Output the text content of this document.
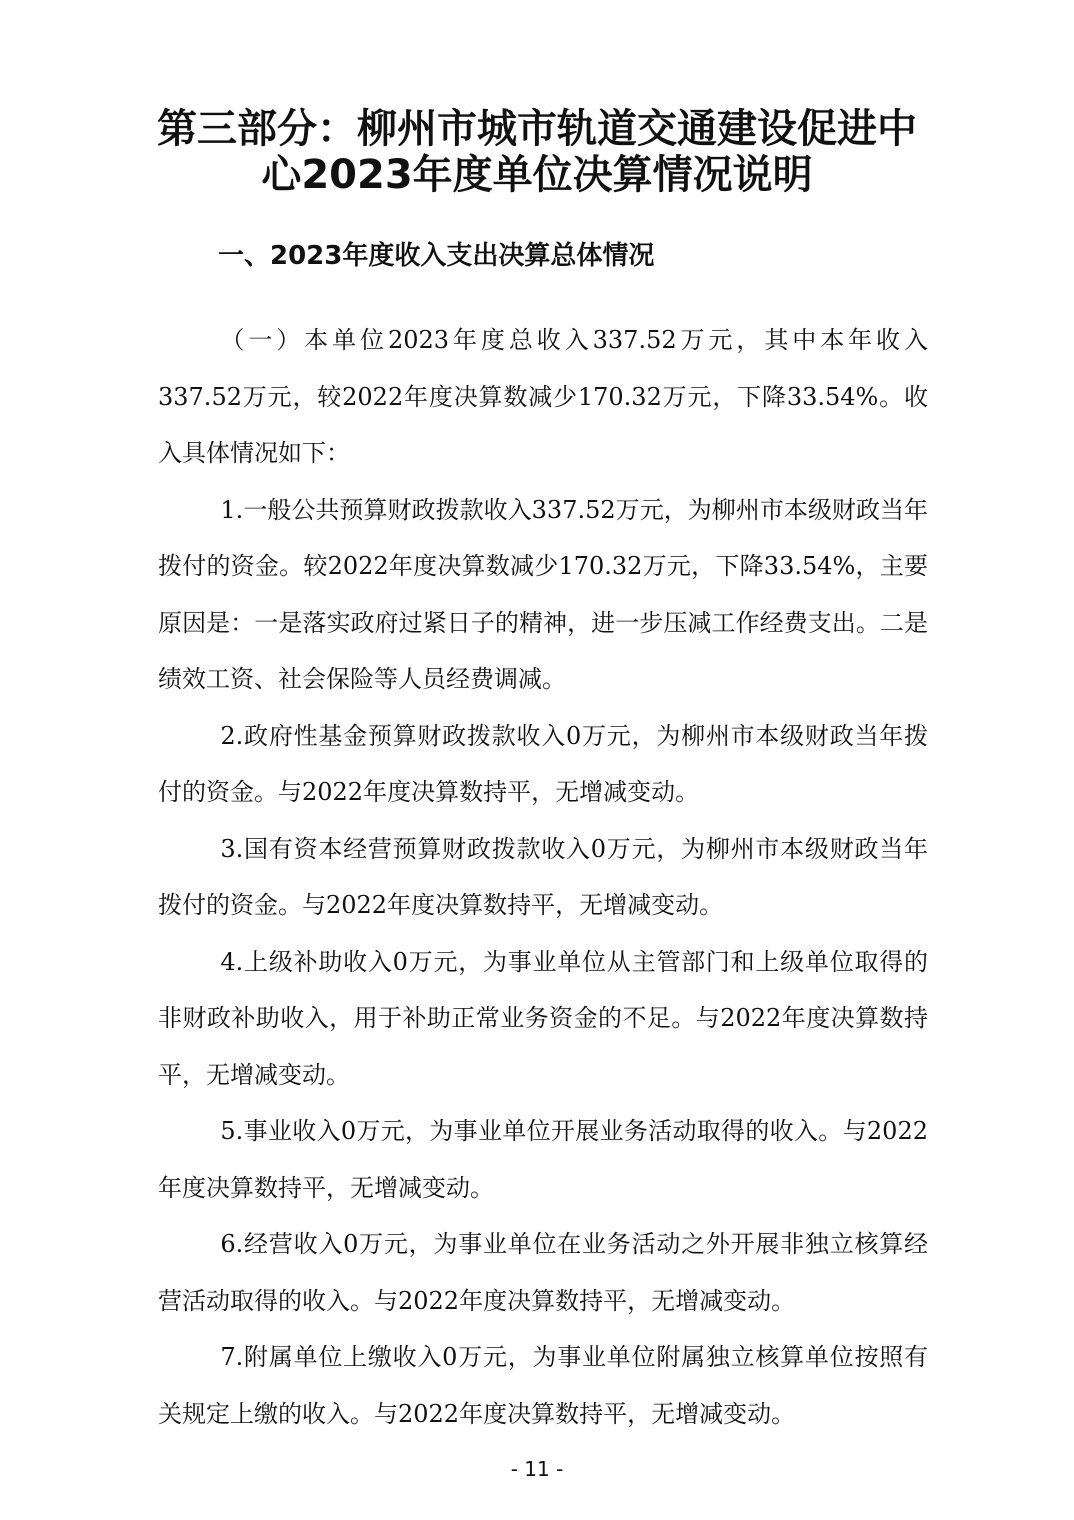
第三部分：柳州市城市轨道交通建设促进中
心2023年度单位决算情况说明
一、2023年度收入支出决算总体情况

（一）本单位2023年度总收入337.52万元，其中本年收入337.52万元，较2022年度决算数减少170.32万元，下降33.54%。收入具体情况如下：

1.一般公共预算财政拨款收入337.52万元，为柳州市本级财政当年拨付的资金。较2022年度决算数减少170.32万元，下降33.54%，主要原因是：一是落实政府过紧日子的精神，进一步压减工作经费支出。二是绩效工资、社会保险等人员经费调减。

2.政府性基金预算财政拨款收入0万元，为柳州市本级财政当年拨付的资金。与2022年度决算数持平，无增减变动。

3.国有资本经营预算财政拨款收入0万元，为柳州市本级财政当年拨付的资金。与2022年度决算数持平，无增减变动。

4.上级补助收入0万元，为事业单位从主管部门和上级单位取得的非财政补助收入，用于补助正常业务资金的不足。与2022年度决算数持平，无增减变动。

5.事业收入0万元，为事业单位开展业务活动取得的收入。与2022年度决算数持平，无增减变动。

6.经营收入0万元，为事业单位在业务活动之外开展非独立核算经营活动取得的收入。与2022年度决算数持平，无增减变动。

7.附属单位上缴收入0万元，为事业单位附属独立核算单位按照有关规定上缴的收入。与2022年度决算数持平，无增减变动。

- 11 -
